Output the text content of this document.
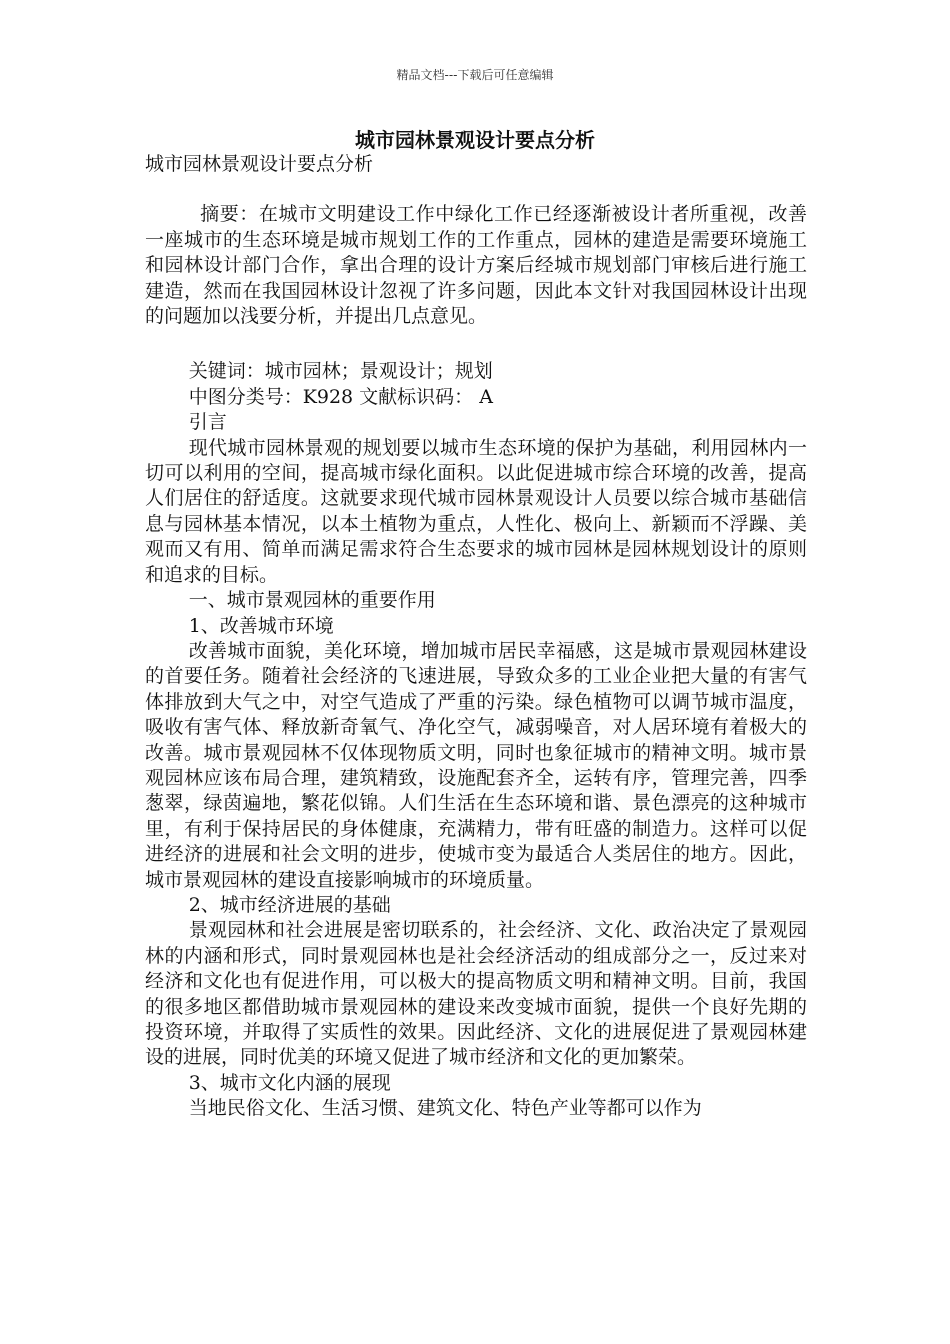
精品文档---下载后可任意编辑
城市园林景观设计要点分析

城市园林景观设计要点分析

摘要：在城市文明建设工作中绿化工作已经逐渐被设计者所重视，改善一座城市的生态环境是城市规划工作的工作重点，园林的建造是需要环境施工和园林设计部门合作，拿出合理的设计方案后经城市规划部门审核后进行施工建造，然而在我国园林设计忽视了许多问题，因此本文针对我国园林设计出现的问题加以浅要分析，并提出几点意见。

关键词：城市园林；景观设计；规划

中图分类号：K928 文献标识码： A

引言

现代城市园林景观的规划要以城市生态环境的保护为基础，利用园林内一切可以利用的空间，提高城市绿化面积。以此促进城市综合环境的改善，提高人们居住的舒适度。这就要求现代城市园林景观设计人员要以综合城市基础信息与园林基本情况，以本土植物为重点，人性化、极向上、新颖而不浮躁、美观而又有用、简单而满足需求符合生态要求的城市园林是园林规划设计的原则和追求的目标。

一、城市景观园林的重要作用

1、改善城市环境

改善城市面貌，美化环境，增加城市居民幸福感，这是城市景观园林建设的首要任务。随着社会经济的飞速进展，导致众多的工业企业把大量的有害气体排放到大气之中，对空气造成了严重的污染。绿色植物可以调节城市温度，吸收有害气体、释放新奇氧气、净化空气，减弱噪音，对人居环境有着极大的改善。城市景观园林不仅体现物质文明，同时也象征城市的精神文明。城市景观园林应该布局合理，建筑精致，设施配套齐全，运转有序，管理完善，四季葱翠，绿茵遍地，繁花似锦。人们生活在生态环境和谐、景色漂亮的这种城市里，有利于保持居民的身体健康，充满精力，带有旺盛的制造力。这样可以促进经济的进展和社会文明的进步，使城市变为最适合人类居住的地方。因此，城市景观园林的建设直接影响城市的环境质量。

2、城市经济进展的基础

景观园林和社会进展是密切联系的，社会经济、文化、政治决定了景观园林的内涵和形式，同时景观园林也是社会经济活动的组成部分之一，反过来对经济和文化也有促进作用，可以极大的提高物质文明和精神文明。目前，我国的很多地区都借助城市景观园林的建设来改变城市面貌，提供一个良好先期的投资环境，并取得了实质性的效果。因此经济、文化的进展促进了景观园林建设的进展，同时优美的环境又促进了城市经济和文化的更加繁荣。

3、城市文化内涵的展现

当地民俗文化、生活习惯、建筑文化、特色产业等都可以作为
